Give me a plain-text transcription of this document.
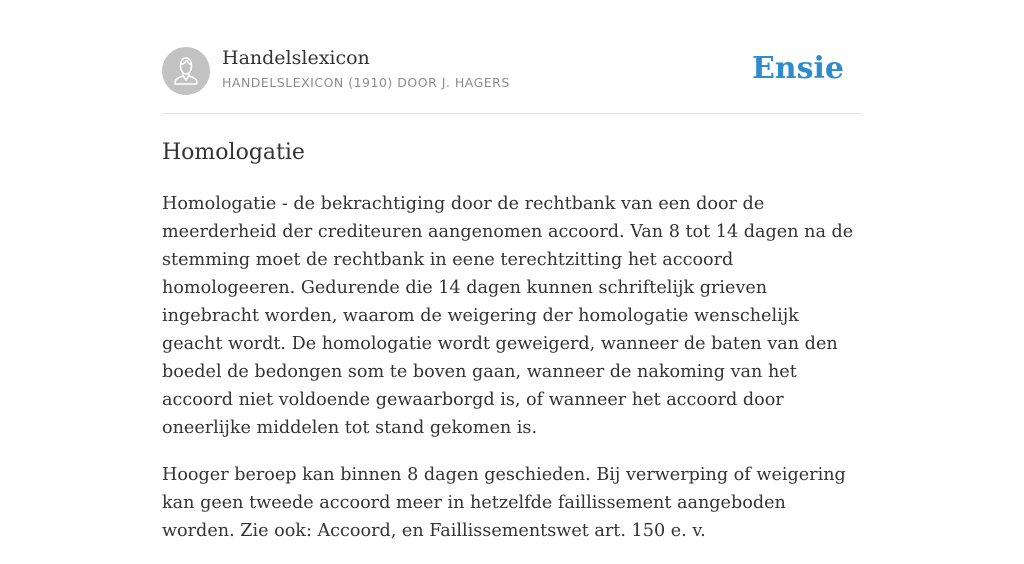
Handelslexicon
HANDELSLEXICON (1910) DOOR J. HAGERS	Ensie
Homologatie

Homologatie - de bekrachtiging door de rechtbank van een door de meerderheid der crediteuren aangenomen accoord. Van 8 tot 14 dagen na de stemming moet de rechtbank in eene terechtzitting het accoord homologeeren. Gedurende die 14 dagen kunnen schriftelijk grieven ingebracht worden, waarom de weigering der homologatie wenschelijk geacht wordt. De homologatie wordt geweigerd, wanneer de baten van den boedel de bedongen som te boven gaan, wanneer de nakoming van het accoord niet voldoende gewaarborgd is, of wanneer het accoord door oneerlijke middelen tot stand gekomen is.

Hooger beroep kan binnen 8 dagen geschieden. Bij verwerping of weigering kan geen tweede accoord meer in hetzelfde faillissement aangeboden worden. Zie ook: Accoord, en Faillissementswet art. 150 e. v.
